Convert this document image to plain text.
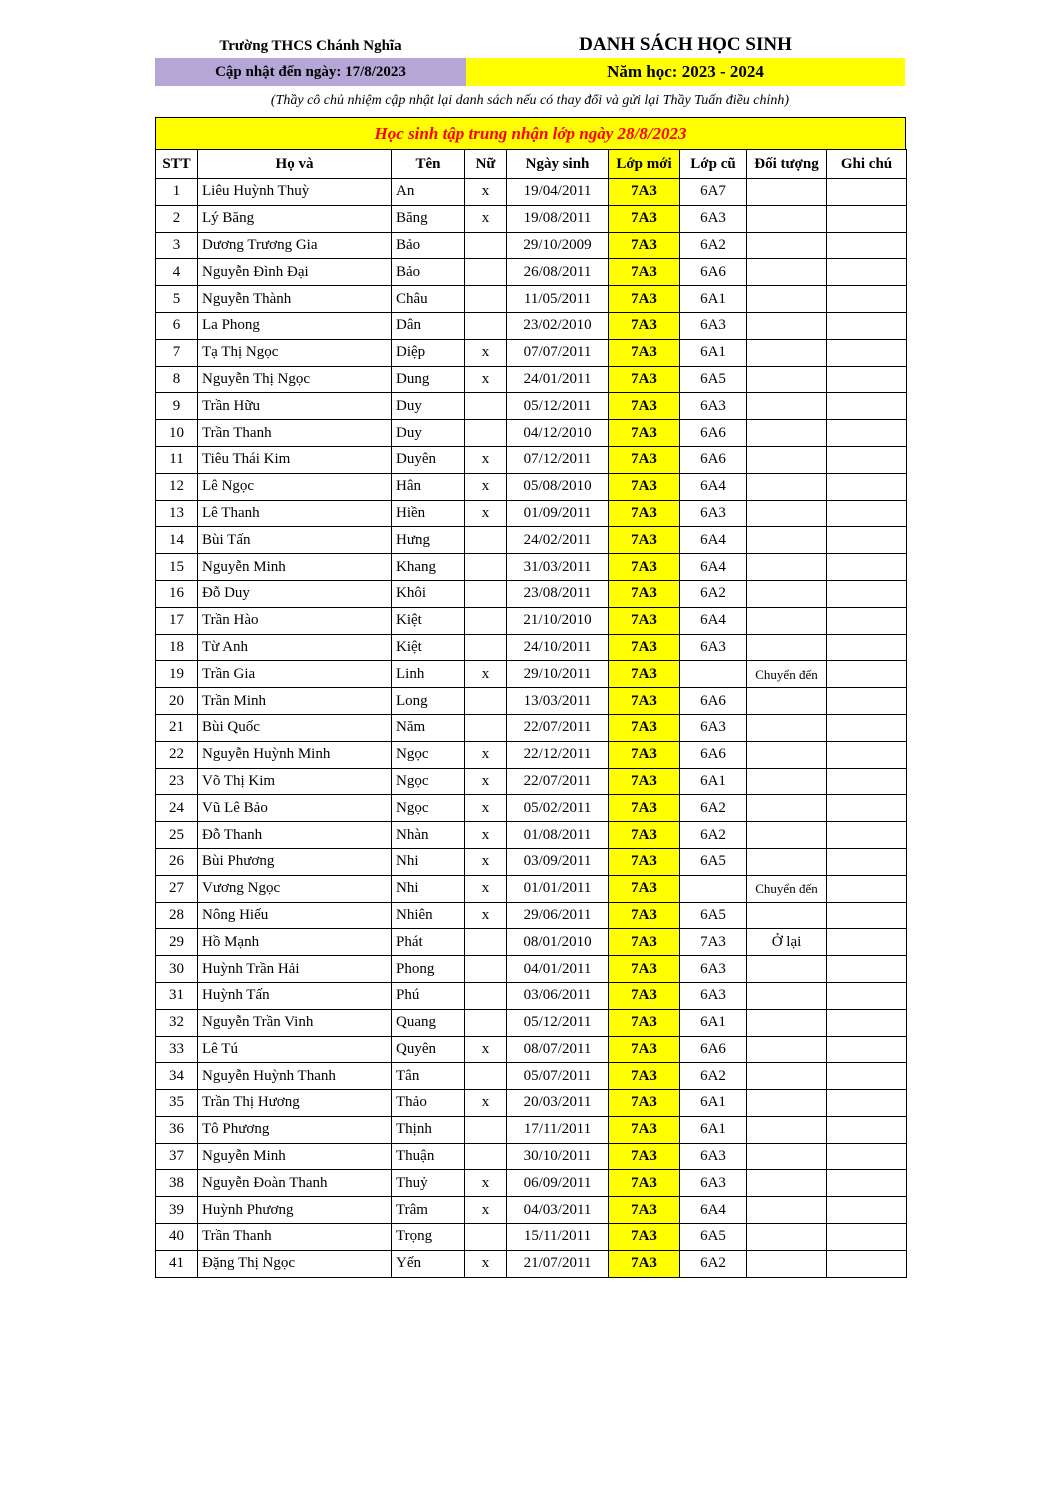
Trường THCS Chánh Nghĩa	DANH SÁCH HỌC SINH
Cập nhật đến ngày: 17/8/2023	Năm học: 2023 - 2024
(Thầy cô chủ nhiệm cập nhật lại danh sách nếu có thay đổi và gửi lại Thầy Tuấn điều chỉnh)
Học sinh tập trung nhận lớp ngày 28/8/2023
STT	Họ và	Tên	Nữ	Ngày sinh	Lớp mới	Lớp cũ	Đối tượng	Ghi chú
1	Liêu Huỳnh Thuỳ	An	x	19/04/2011	7A3	6A7		
2	Lý Băng	Băng	x	19/08/2011	7A3	6A3		
3	Dương Trương Gia	Bảo		29/10/2009	7A3	6A2		
4	Nguyễn Đình Đại	Bảo		26/08/2011	7A3	6A6		
5	Nguyễn Thành	Châu		11/05/2011	7A3	6A1		
6	La Phong	Dân		23/02/2010	7A3	6A3		
7	Tạ Thị Ngọc	Diệp	x	07/07/2011	7A3	6A1		
8	Nguyễn Thị Ngọc	Dung	x	24/01/2011	7A3	6A5		
9	Trần Hữu	Duy		05/12/2011	7A3	6A3		
10	Trần Thanh	Duy		04/12/2010	7A3	6A6		
11	Tiêu Thái Kim	Duyên	x	07/12/2011	7A3	6A6		
12	Lê Ngọc	Hân	x	05/08/2010	7A3	6A4		
13	Lê Thanh	Hiền	x	01/09/2011	7A3	6A3		
14	Bùi Tấn	Hưng		24/02/2011	7A3	6A4		
15	Nguyễn Minh	Khang		31/03/2011	7A3	6A4		
16	Đỗ Duy	Khôi		23/08/2011	7A3	6A2		
17	Trần Hào	Kiệt		21/10/2010	7A3	6A4		
18	Từ Anh	Kiệt		24/10/2011	7A3	6A3		
19	Trần Gia	Linh	x	29/10/2011	7A3		Chuyển đến	
20	Trần Minh	Long		13/03/2011	7A3	6A6		
21	Bùi Quốc	Năm		22/07/2011	7A3	6A3		
22	Nguyễn Huỳnh Minh	Ngọc	x	22/12/2011	7A3	6A6		
23	Võ Thị Kim	Ngọc	x	22/07/2011	7A3	6A1		
24	Vũ Lê Bảo	Ngọc	x	05/02/2011	7A3	6A2		
25	Đỗ Thanh	Nhàn	x	01/08/2011	7A3	6A2		
26	Bùi Phương	Nhi	x	03/09/2011	7A3	6A5		
27	Vương Ngọc	Nhi	x	01/01/2011	7A3		Chuyển đến	
28	Nông Hiếu	Nhiên	x	29/06/2011	7A3	6A5		
29	Hồ Mạnh	Phát		08/01/2010	7A3	7A3	Ở lại	
30	Huỳnh Trần Hải	Phong		04/01/2011	7A3	6A3		
31	Huỳnh Tấn	Phú		03/06/2011	7A3	6A3		
32	Nguyễn Trần Vinh	Quang		05/12/2011	7A3	6A1		
33	Lê Tú	Quyên	x	08/07/2011	7A3	6A6		
34	Nguyễn Huỳnh Thanh	Tân		05/07/2011	7A3	6A2		
35	Trần Thị Hương	Thảo	x	20/03/2011	7A3	6A1		
36	Tô Phương	Thịnh		17/11/2011	7A3	6A1		
37	Nguyễn Minh	Thuận		30/10/2011	7A3	6A3		
38	Nguyễn Đoàn Thanh	Thuỷ	x	06/09/2011	7A3	6A3		
39	Huỳnh Phương	Trâm	x	04/03/2011	7A3	6A4		
40	Trần Thanh	Trọng		15/11/2011	7A3	6A5		
41	Đặng Thị Ngọc	Yến	x	21/07/2011	7A3	6A2		
